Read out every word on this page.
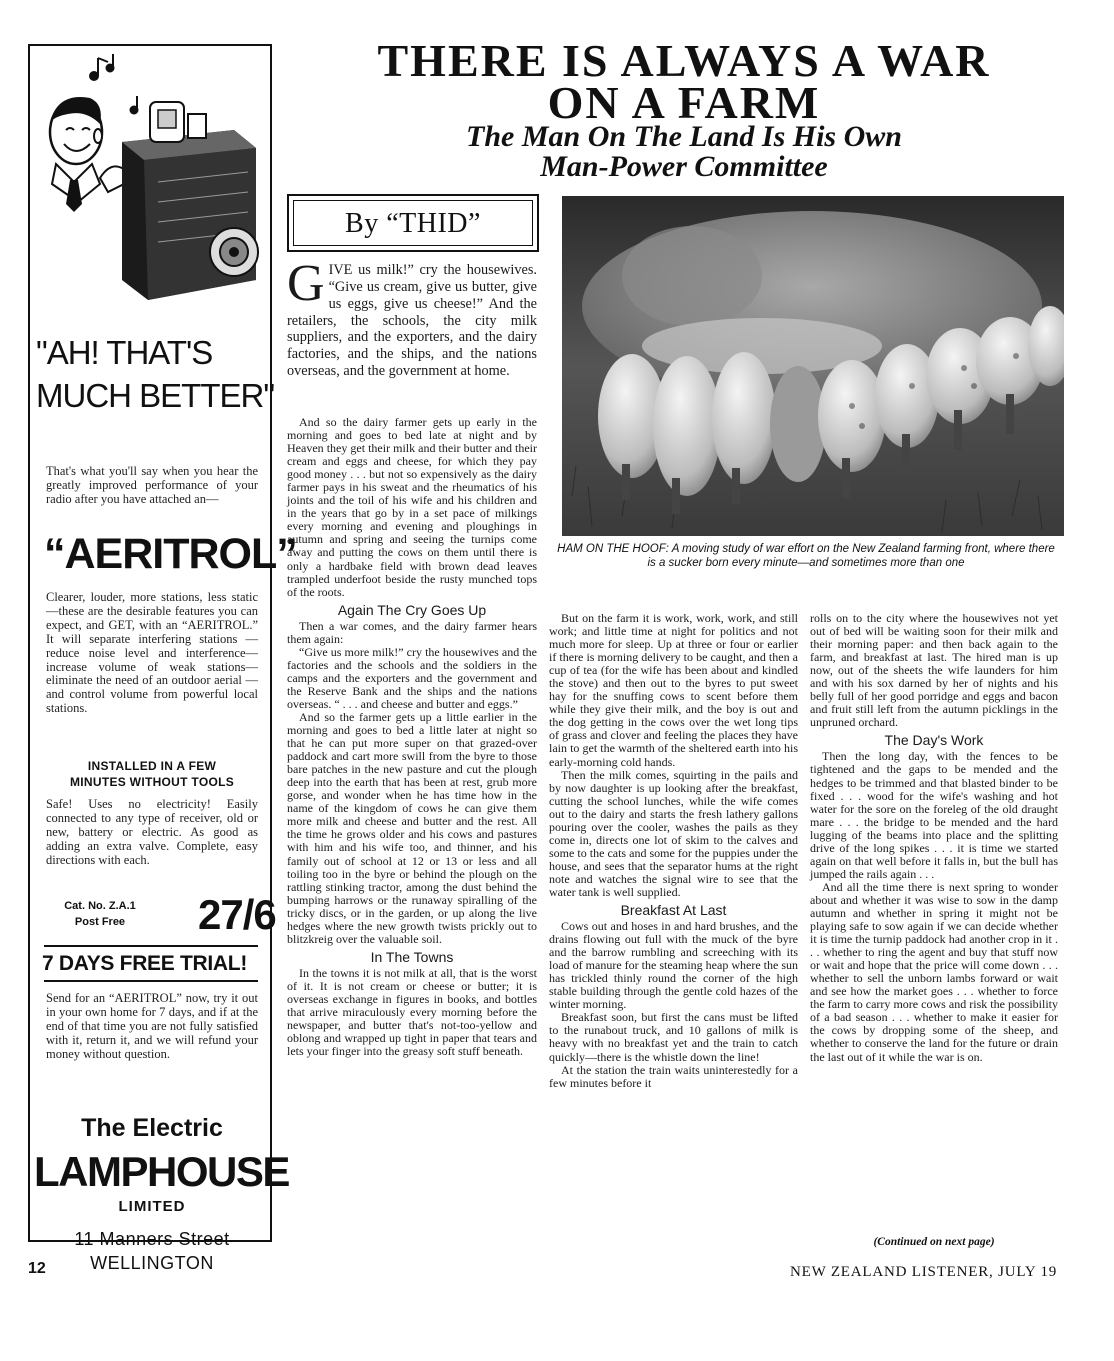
"AH! THAT'S
MUCH BETTER"
That's what you'll say when you hear the greatly improved performance of your radio after you have attached an—
“AERITROL”
Clearer, louder, more stations, less static—these are the desirable features you can expect, and GET, with an “AERITROL.” It will separate interfering stations — reduce noise level and interference—increase volume of weak stations—eliminate the need of an outdoor aerial — and control volume from powerful local stations.
INSTALLED IN A FEW
MINUTES WITHOUT TOOLS
Safe! Uses no electricity! Easily connected to any type of receiver, old or new, battery or electric. As good as adding an extra valve. Complete, easy directions with each.
Cat. No. Z.A.1
Post Free	27/6
7 DAYS FREE TRIAL!
Send for an “AERITROL” now, try it out in your own home for 7 days, and if at the end of that time you are not fully satisfied with it, return it, and we will refund your money without question.
The Electric
LAMPHOUSE
LIMITED
11 Manners Street
WELLINGTON
THERE IS ALWAYS A WAR
ON A FARM
The Man On The Land Is His Own
Man-Power Committee
By “THID”
HAM ON THE HOOF: A moving study of war effort on the New Zealand farming front, where there is a sucker born every minute—and sometimes more than one
GIVE us milk!” cry the housewives. “Give us cream, give us butter, give us eggs, give us cheese!” And the retailers, the schools, the city milk suppliers, and the exporters, and the dairy factories, and the ships, and the nations overseas, and the government at home.

And so the dairy farmer gets up early in the morning and goes to bed late at night and by Heaven they get their milk and their butter and their cream and eggs and cheese, for which they pay good money . . . but not so expensively as the dairy farmer pays in his sweat and the rheumatics of his joints and the toil of his wife and his children and in the years that go by in a set pace of milkings every morning and evening and ploughings in autumn and spring and seeing the turnips come away and putting the cows on them until there is only a hardbake field with brown dead leaves trampled underfoot beside the rusty munched tops of the roots.

Again The Cry Goes Up

Then a war comes, and the dairy farmer hears them again:

“Give us more milk!” cry the housewives and the factories and the schools and the soldiers in the camps and the exporters and the government and the Reserve Bank and the ships and the nations overseas. “ . . . and cheese and butter and eggs.”

And so the farmer gets up a little earlier in the morning and goes to bed a little later at night so that he can put more super on that grazed-over paddock and cart more swill from the byre to those bare patches in the new pasture and cut the plough deep into the earth that has been at rest, grub more gorse, and wonder when he has time how in the name of the kingdom of cows he can give them more milk and cheese and butter and the rest. All the time he grows older and his cows and pastures with him and his wife too, and thinner, and his family out of school at 12 or 13 or less and all toiling too in the byre or behind the plough on the rattling stinking tractor, among the dust behind the bumping harrows or the runaway spiralling of the tricky discs, or in the garden, or up along the live hedges where the new growth twists prickly out to blitzkreig over the valuable soil.

In The Towns

In the towns it is not milk at all, that is the worst of it. It is not cream or cheese or butter; it is overseas exchange in figures in books, and bottles that arrive miraculously every morning before the newspaper, and butter that's not-too-yellow and oblong and wrapped up tight in paper that tears and lets your finger into the greasy soft stuff beneath.

But on the farm it is work, work, work, and still work; and little time at night for politics and not much more for sleep. Up at three or four or earlier if there is morning delivery to be caught, and then a cup of tea (for the wife has been about and kindled the stove) and then out to the byres to put sweet hay for the snuffing cows to scent before them while they give their milk, and the boy is out and the dog getting in the cows over the wet long tips of grass and clover and feeling the places they have lain to get the warmth of the sheltered earth into his early-morning cold hands.

Then the milk comes, squirting in the pails and by now daughter is up looking after the breakfast, cutting the school lunches, while the wife comes out to the dairy and starts the fresh lathery gallons pouring over the cooler, washes the pails as they come in, directs one lot of skim to the calves and some to the cats and some for the puppies under the house, and sees that the separator hums at the right note and watches the signal wire to see that the water tank is well supplied.

Breakfast At Last

Cows out and hoses in and hard brushes, and the drains flowing out full with the muck of the byre and the barrow rumbling and screeching with its load of manure for the steaming heap where the sun has trickled thinly round the corner of the high stable building through the gentle cold hazes of the winter morning.

Breakfast soon, but first the cans must be lifted to the runabout truck, and 10 gallons of milk is heavy with no breakfast yet and the train to catch quickly—there is the whistle down the line!

At the station the train waits uninterestedly for a few minutes before it

rolls on to the city where the housewives not yet out of bed will be waiting soon for their milk and their morning paper: and then back again to the farm, and breakfast at last. The hired man is up now, out of the sheets the wife launders for him and with his sox darned by her of nights and his belly full of her good porridge and eggs and bacon and fruit still left from the autumn picklings in the unpruned orchard.

The Day's Work

Then the long day, with the fences to be tightened and the gaps to be mended and the hedges to be trimmed and that blasted binder to be fixed . . . wood for the wife's washing and hot water for the sore on the foreleg of the old draught mare . . . the bridge to be mended and the hard lugging of the beams into place and the splitting drive of the long spikes . . . it is time we started again on that well before it falls in, but the bull has jumped the rails again . . .

And all the time there is next spring to wonder about and whether it was wise to sow in the damp autumn and whether in spring it might not be playing safe to sow again if we can decide whether it is time the turnip paddock had another crop in it . . . whether to ring the agent and buy that stuff now or wait and hope that the price will come down . . . whether to sell the unborn lambs forward or wait and see how the market goes . . . whether to force the farm to carry more cows and risk the possibility of a bad season . . . whether to make it easier for the cows by dropping some of the sheep, and whether to conserve the land for the future or drain the last out of it while the war is on.

(Continued on next page)
12	NEW ZEALAND LISTENER, JULY 19
